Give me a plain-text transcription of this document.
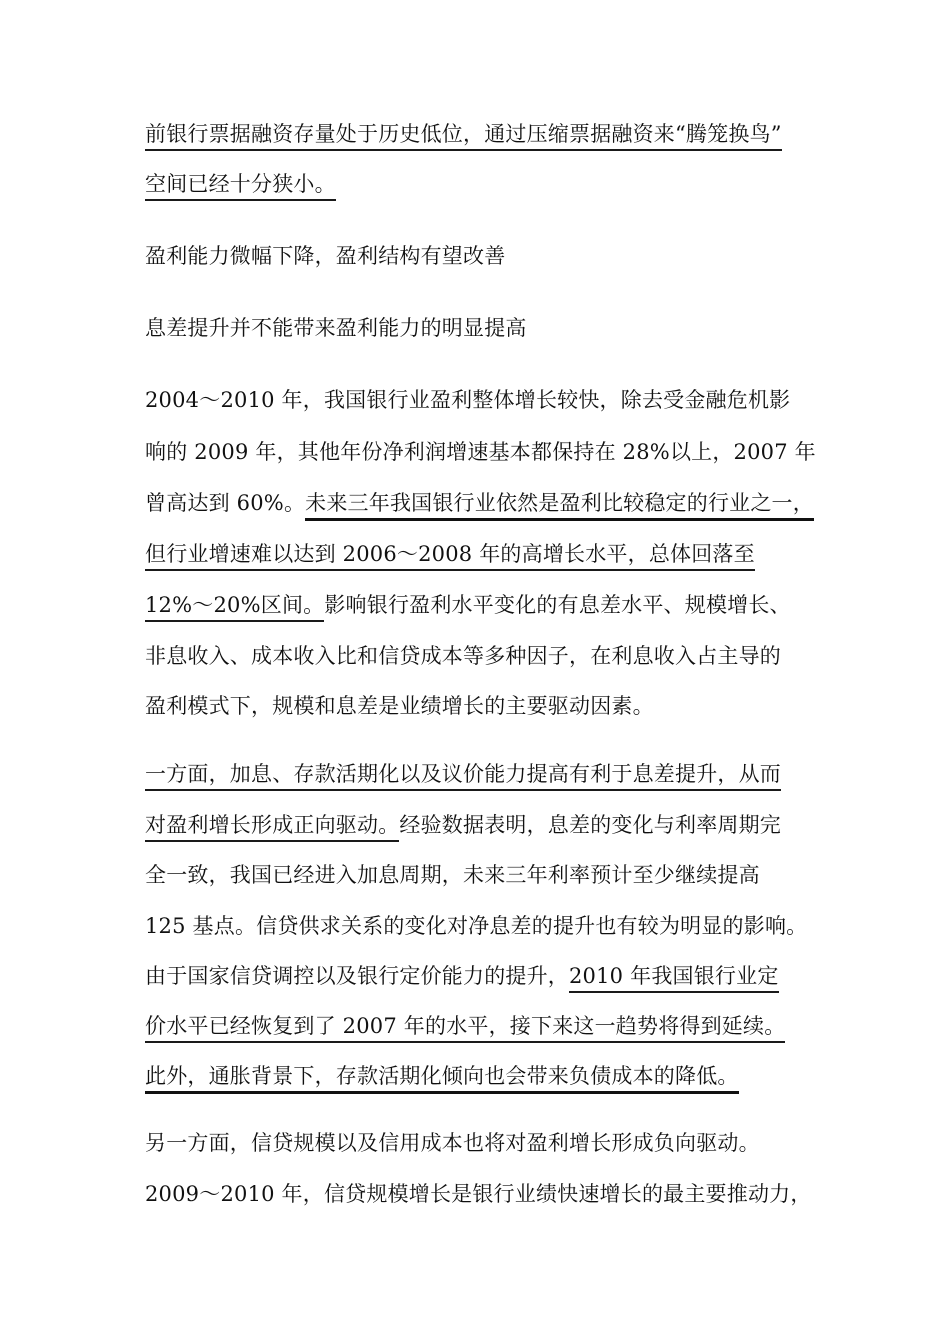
前银行票据融资存量处于历史低位，通过压缩票据融资来“腾笼换鸟”
空间已经十分狭小。
盈利能力微幅下降，盈利结构有望改善
息差提升并不能带来盈利能力的明显提高
2004～2010 年，我国银行业盈利整体增长较快，除去受金融危机影
响的 2009 年，其他年份净利润增速基本都保持在 28%以上，2007 年
曾高达到 60%。未来三年我国银行业依然是盈利比较稳定的行业之一，
但行业增速难以达到 2006～2008 年的高增长水平，总体回落至
12%～20%区间。影响银行盈利水平变化的有息差水平、规模增长、
非息收入、成本收入比和信贷成本等多种因子，在利息收入占主导的
盈利模式下，规模和息差是业绩增长的主要驱动因素。
一方面，加息、存款活期化以及议价能力提高有利于息差提升，从而
对盈利增长形成正向驱动。经验数据表明，息差的变化与利率周期完
全一致，我国已经进入加息周期，未来三年利率预计至少继续提高
125 基点。信贷供求关系的变化对净息差的提升也有较为明显的影响。
由于国家信贷调控以及银行定价能力的提升，2010 年我国银行业定
价水平已经恢复到了 2007 年的水平，接下来这一趋势将得到延续。
此外，通胀背景下，存款活期化倾向也会带来负债成本的降低。
另一方面，信贷规模以及信用成本也将对盈利增长形成负向驱动。
2009～2010 年，信贷规模增长是银行业绩快速增长的最主要推动力，
